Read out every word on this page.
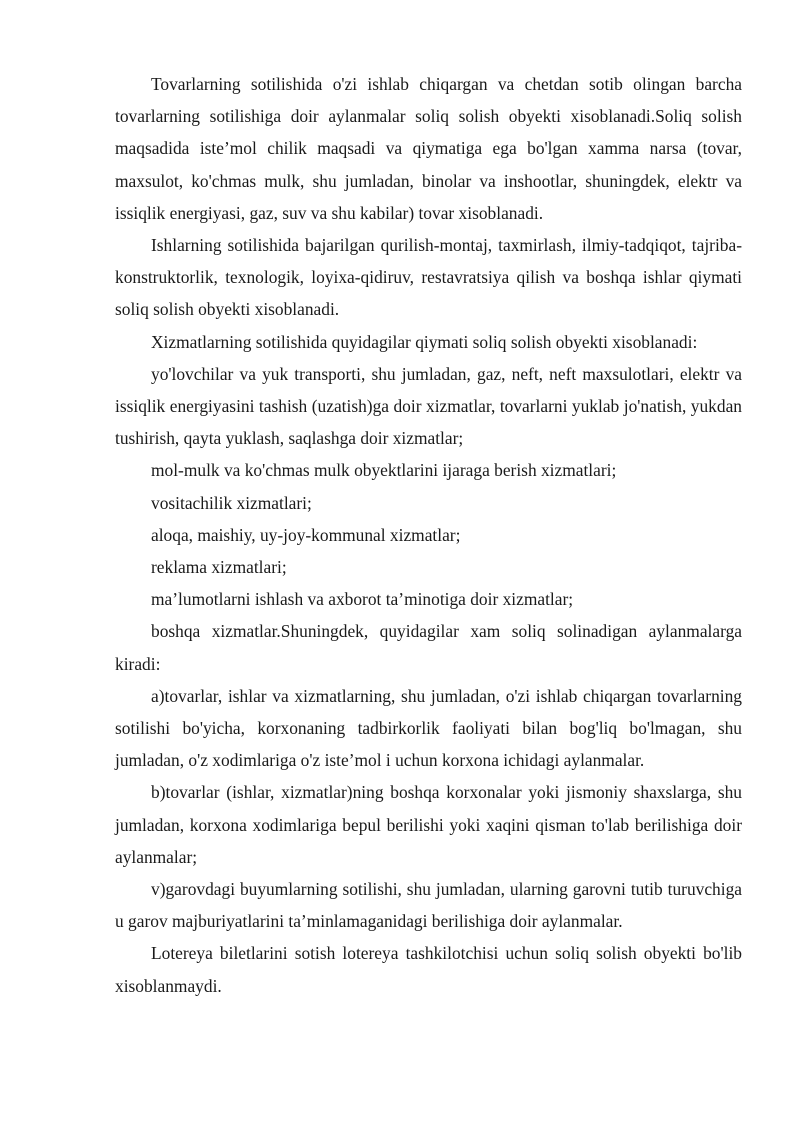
Tovarlarning sotilishida o'zi ishlab chiqargan va chetdan sotib olingan barcha tovarlarning sotilishiga doir aylanmalar soliq solish obyekti xisoblanadi.Soliq solish maqsadida iste’mol chilik maqsadi va qiymatiga ega bo'lgan xamma narsa (tovar, maxsulot, ko'chmas mulk, shu jumladan, binolar va inshootlar, shuningdek, elektr va issiqlik energiyasi, gaz, suv va shu kabilar) tovar xisoblanadi.

Ishlarning sotilishida bajarilgan qurilish-montaj, taxmirlash, ilmiy-tadqiqot, tajriba-konstruktorlik, texnologik, loyixa-qidiruv, restavratsiya qilish va boshqa ishlar qiymati soliq solish obyekti xisoblanadi.

Xizmatlarning sotilishida quyidagilar qiymati soliq solish obyekti xisoblanadi:

yo'lovchilar va yuk transporti, shu jumladan, gaz, neft, neft maxsulotlari, elektr va issiqlik energiyasini tashish (uzatish)ga doir xizmatlar, tovarlarni yuklab jo'natish, yukdan tushirish, qayta yuklash, saqlashga doir xizmatlar;

mol-mulk va ko'chmas mulk obyektlarini ijaraga berish xizmatlari;

vositachilik xizmatlari;

aloqa, maishiy, uy-joy-kommunal xizmatlar;

reklama xizmatlari;

ma’lumotlarni ishlash va axborot ta’minotiga doir xizmatlar;

boshqa xizmatlar.Shuningdek, quyidagilar xam soliq solinadigan aylanmalarga kiradi:

a)tovarlar, ishlar va xizmatlarning, shu jumladan, o'zi ishlab chiqargan tovarlarning sotilishi bo'yicha, korxonaning tadbirkorlik faoliyati bilan bog'liq bo'lmagan, shu jumladan, o'z xodimlariga o'z iste’mol i uchun korxona ichidagi aylanmalar.

b)tovarlar (ishlar, xizmatlar)ning boshqa korxonalar yoki jismoniy shaxslarga, shu jumladan, korxona xodimlariga bepul berilishi yoki xaqini qisman to'lab berilishiga doir aylanmalar;

v)garovdagi buyumlarning sotilishi, shu jumladan, ularning garovni tutib turuvchiga u garov majburiyatlarini ta’minlamaganidagi berilishiga doir aylanmalar.

Lotereya biletlarini sotish lotereya tashkilotchisi uchun soliq solish obyekti bo'lib xisoblanmaydi.
